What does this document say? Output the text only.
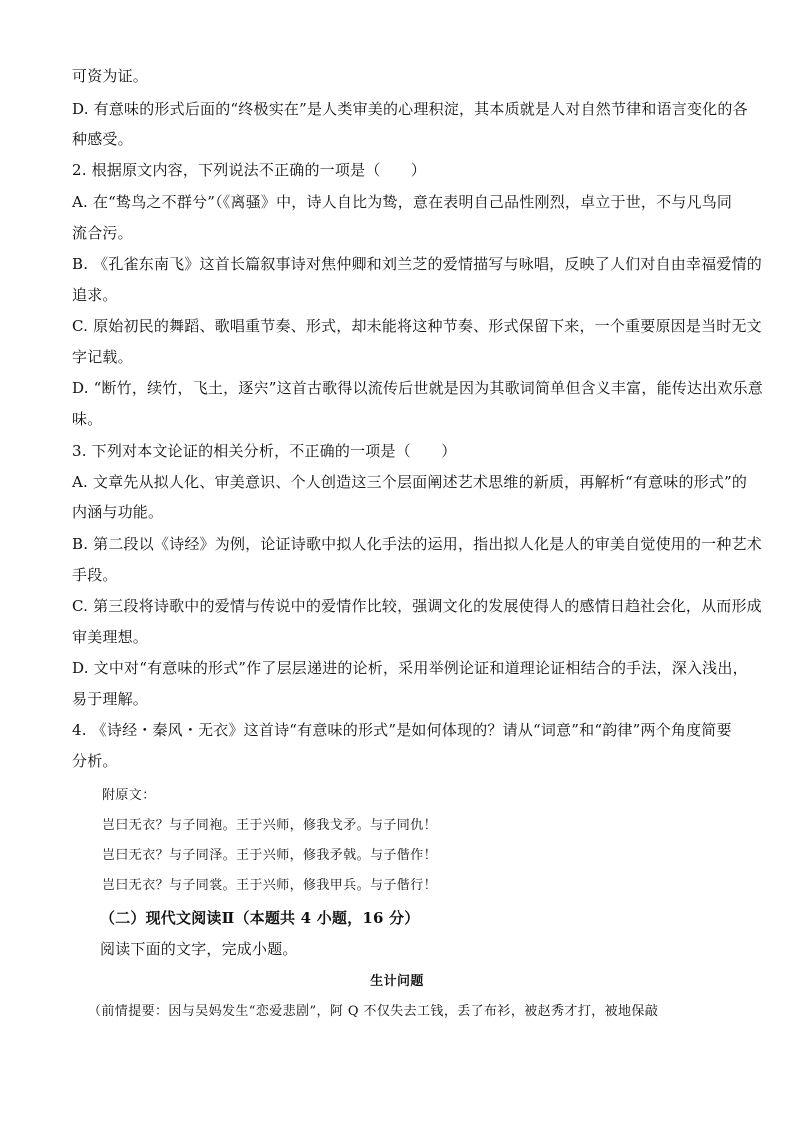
可资为证。
D. 有意味的形式后面的“终极实在”是人类审美的心理积淀，其本质就是人对自然节律和语言变化的各
种感受。
2. 根据原文内容，下列说法不正确的一项是（　　）
A. 在“鸷鸟之不群兮”（《离骚》中，诗人自比为鸷，意在表明自己品性刚烈，卓立于世，不与凡鸟同
流合污。
B. 《孔雀东南飞》这首长篇叙事诗对焦仲卿和刘兰芝的爱情描写与咏唱，反映了人们对自由幸福爱情的
追求。
C. 原始初民的舞蹈、歌唱重节奏、形式，却未能将这种节奏、形式保留下来，一个重要原因是当时无文
字记载。
D. “断竹，续竹，飞土，逐宍”这首古歌得以流传后世就是因为其歌词简单但含义丰富，能传达出欢乐意
味。
3. 下列对本文论证的相关分析，不正确的一项是（　　）
A. 文章先从拟人化、审美意识、个人创造这三个层面阐述艺术思维的新质，再解析“有意味的形式”的
内涵与功能。
B. 第二段以《诗经》为例，论证诗歌中拟人化手法的运用，指出拟人化是人的审美自觉使用的一种艺术
手段。
C. 第三段将诗歌中的爱情与传说中的爱情作比较，强调文化的发展使得人的感情日趋社会化，从而形成
审美理想。
D. 文中对“有意味的形式”作了层层递进的论析，采用举例论证和道理论证相结合的手法，深入浅出，
易于理解。
4. 《诗经・秦风・无衣》这首诗“有意味的形式”是如何体现的？请从“词意”和“韵律”两个角度简要
分析。
附原文：
岂曰无衣？与子同袍。王于兴师，修我戈矛。与子同仇！
岂曰无衣？与子同泽。王于兴师，修我矛戟。与子偕作！
岂曰无衣？与子同裳。王于兴师，修我甲兵。与子偕行！
（二）现代文阅读Ⅱ（本题共 4 小题，16 分）
阅读下面的文字，完成小题。
生计问题
（前情提要：因与吴妈发生“恋爱悲剧”，阿 Q 不仅失去工钱，丢了布衫，被赵秀才打，被地保敲
